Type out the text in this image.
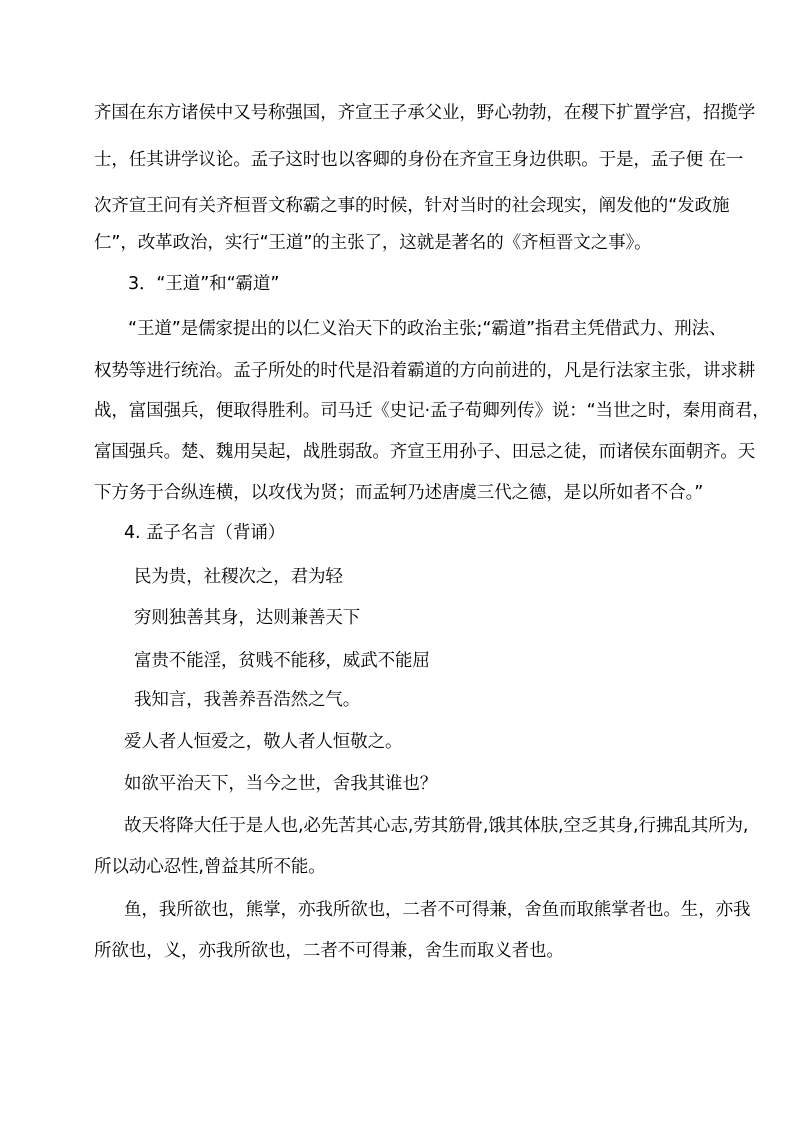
齐国在东方诸侯中又号称强国，齐宣王子承父业，野心勃勃，在稷下扩置学宫，招揽学
士，任其讲学议论。孟子这时也以客卿的身份在齐宣王身边供职。于是，孟子便 在一
次齐宣王问有关齐桓晋文称霸之事的时候，针对当时的社会现实，阐发他的“发政施
仁”，改革政治，实行“王道”的主张了，这就是著名的《齐桓晋文之事》。
3．“王道”和“霸道”
“王道”是儒家提出的以仁义治天下的政治主张;“霸道”指君主凭借武力、刑法、
权势等进行统治。孟子所处的时代是沿着霸道的方向前进的，凡是行法家主张，讲求耕
战，富国强兵，便取得胜利。司马迁《史记·孟子荀卿列传》说：“当世之时，秦用商君，
富国强兵。楚、魏用吴起，战胜弱敌。齐宣王用孙子、田忌之徒，而诸侯东面朝齐。天
下方务于合纵连横，以攻伐为贤；而孟轲乃述唐虞三代之德，是以所如者不合。”
4. 孟子名言（背诵）
民为贵，社稷次之，君为轻
穷则独善其身，达则兼善天下
富贵不能淫，贫贱不能移，威武不能屈
我知言，我善养吾浩然之气。
爱人者人恒爱之，敬人者人恒敬之。
如欲平治天下，当今之世，舍我其谁也？
故天将降大任于是人也,必先苦其心志,劳其筋骨,饿其体肤,空乏其身,行拂乱其所为,
所以动心忍性,曾益其所不能。
鱼，我所欲也，熊掌，亦我所欲也，二者不可得兼，舍鱼而取熊掌者也。生，亦我
所欲也，义，亦我所欲也，二者不可得兼，舍生而取义者也。
